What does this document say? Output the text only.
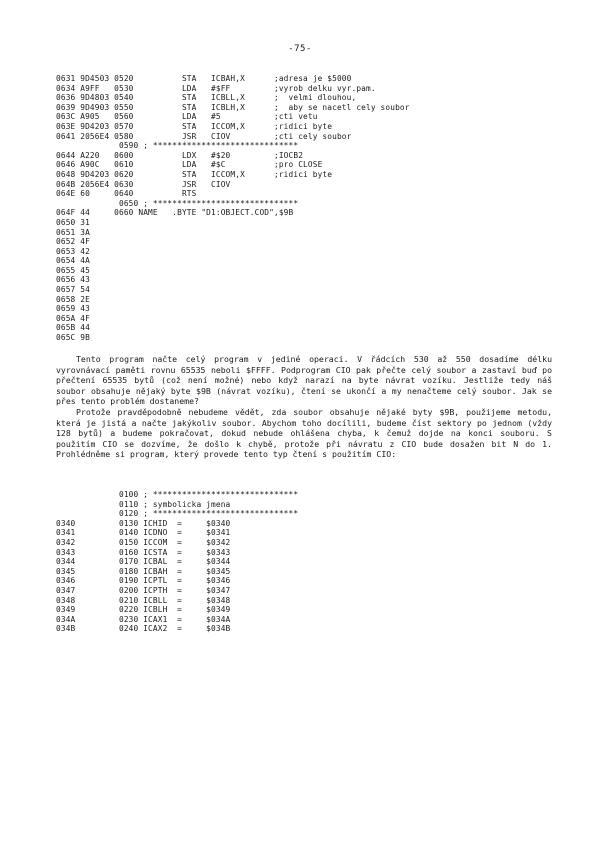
-75-
0631 9D4503 0520          STA   ICBAH,X      ;adresa je $5000
0634 A9FF   0530          LDA   #$FF         ;vyrob delku vyr.pam.
0636 9D4803 0540          STA   ICBLL,X      ;  velmi dlouhou,
0639 9D4903 0550          STA   ICBLH,X      ;  aby se nacetl cely soubor
063C A905   0560          LDA   #5           ;cti vetu
063E 9D4203 0570          STA   ICCOM,X      ;ridici byte
0641 2056E4 0580          JSR   CIOV         ;cti cely soubor
0590 ; ******************************
0644 A220   0600          LDX   #$20         ;IOCB2
0646 A90C   0610          LDA   #$C          ;pro CLOSE
0648 9D4203 0620          STA   ICCOM,X      ;ridici byte
064B 2056E4 0630          JSR   CIOV
064E 60     0640          RTS
0650 ; ******************************
064F 44     0660 NAME   .BYTE "D1:OBJECT.COD",$9B
0650 31
0651 3A
0652 4F
0653 42
0654 4A
0655 45
0656 43
0657 54
0658 2E
0659 43
065A 4F
065B 44
065C 9B

Tento program načte celý program v jediné operaci. V řádcích 530 až 550 dosadíme délku vyrovnávací paměti rovnu 65535 neboli $FFFF. Podprogram CIO pak přečte celý soubor a zastaví buď po přečtení 65535 bytů (což není možné) nebo když narazí na byte návrat vozíku. Jestliže tedy náš soubor obsahuje nějaký byte $9B (návrat vozíku), čtení se ukončí a my nenačteme celý soubor. Jak se přes tento problém dostaneme?

Protože pravděpodobně nebudeme vědět, zda soubor obsahuje nějaké byty $9B, použijeme metodu, která je jistá a načte jakýkoliv soubor. Abychom toho docílili, budeme číst sektory po jednom (vždy 128 bytů) a budeme pokračovat, dokud nebude ohlášena chyba, k čemuž dojde na konci souboru. S použitím CIO se dozvíme, že došlo k chybě, protože při návratu z CIO bude dosažen bit N do 1. Prohlédněme si program, který provede tento typ čtení s použitím CIO:

0100 ; ******************************
0110 ; symbolicka jmena
0120 ; ******************************
0340         0130 ICHID  =     $0340
0341         0140 ICDNO  =     $0341
0342         0150 ICCOM  =     $0342
0343         0160 ICSTA  =     $0343
0344         0170 ICBAL  =     $0344
0345         0180 ICBAH  =     $0345
0346         0190 ICPTL  =     $0346
0347         0200 ICPTH  =     $0347
0348         0210 ICBLL  =     $0348
0349         0220 ICBLH  =     $0349
034A         0230 ICAX1  =     $034A
034B         0240 ICAX2  =     $034B
